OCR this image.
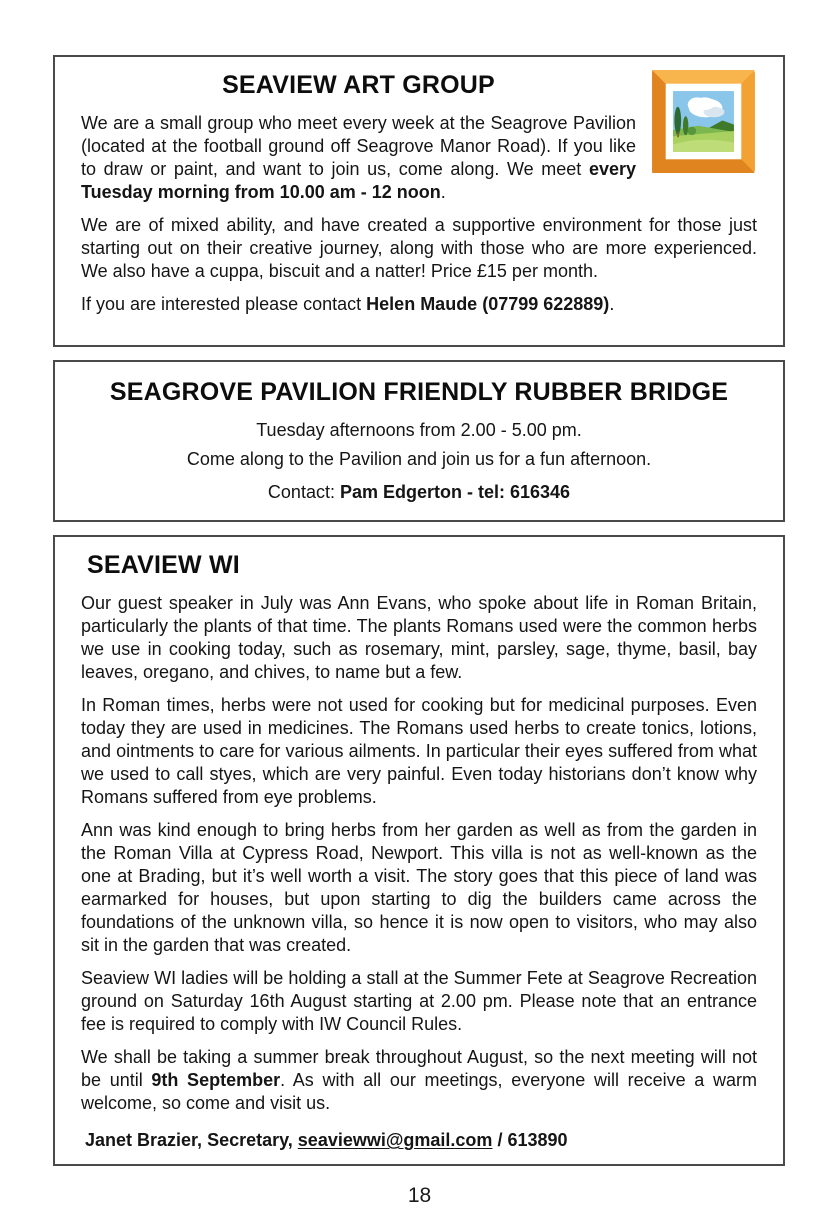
SEAVIEW ART GROUP

We are a small group who meet every week at the Seagrove Pavilion (located at the football ground off Seagrove Manor Road). If you like to draw or paint, and want to join us, come along. We meet every Tuesday morning from 10.00 am - 12 noon.

We are of mixed ability, and have created a supportive environment for those just starting out on their creative journey, along with those who are more experienced. We also have a cuppa, biscuit and a natter! Price £15 per month.

If you are interested please contact Helen Maude (07799 622889).

SEAGROVE PAVILION FRIENDLY RUBBER BRIDGE

Tuesday afternoons from 2.00 - 5.00 pm.

Come along to the Pavilion and join us for a fun afternoon.

Contact: Pam Edgerton - tel: 616346

SEAVIEW WI

Our guest speaker in July was Ann Evans, who spoke about life in Roman Britain, particularly the plants of that time. The plants Romans used were the common herbs we use in cooking today, such as rosemary, mint, parsley, sage, thyme, basil, bay leaves, oregano, and chives, to name but a few.

In Roman times, herbs were not used for cooking but for medicinal purposes. Even today they are used in medicines. The Romans used herbs to create tonics, lotions, and ointments to care for various ailments. In particular their eyes suffered from what we used to call styes, which are very painful. Even today historians don’t know why Romans suffered from eye problems.

Ann was kind enough to bring herbs from her garden as well as from the garden in the Roman Villa at Cypress Road, Newport. This villa is not as well-known as the one at Brading, but it’s well worth a visit. The story goes that this piece of land was earmarked for houses, but upon starting to dig the builders came across the foundations of the unknown villa, so hence it is now open to visitors, who may also sit in the garden that was created.

Seaview WI ladies will be holding a stall at the Summer Fete at Seagrove Recreation ground on Saturday 16th August starting at 2.00 pm. Please note that an entrance fee is required to comply with IW Council Rules.

We shall be taking a summer break throughout August, so the next meeting will not be until 9th September. As with all our meetings, everyone will receive a warm welcome, so come and visit us.

Janet Brazier, Secretary, seaviewwi@gmail.com / 613890

18
